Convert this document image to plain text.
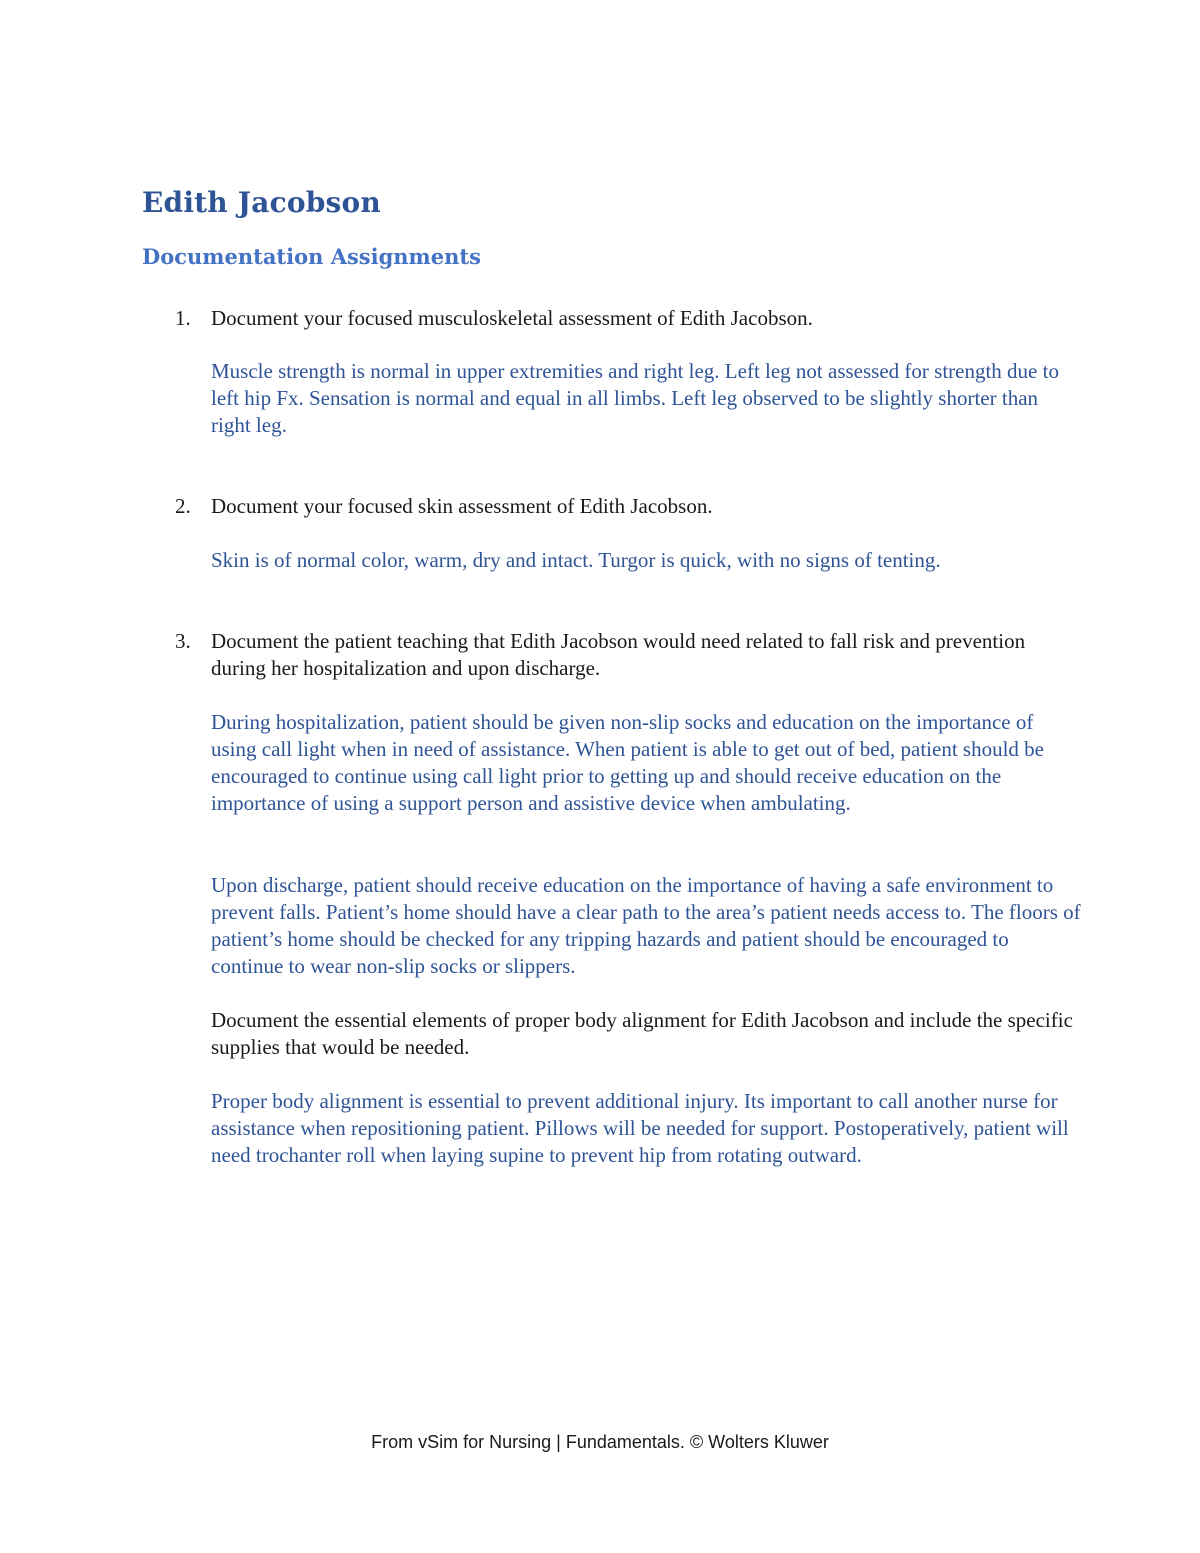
Edith Jacobson
Documentation Assignments
1. Document your focused musculoskeletal assessment of Edith Jacobson.
Muscle strength is normal in upper extremities and right leg. Left leg not assessed for strength due to left hip Fx. Sensation is normal and equal in all limbs. Left leg observed to be slightly shorter than right leg.
2. Document your focused skin assessment of Edith Jacobson.
Skin is of normal color, warm, dry and intact. Turgor is quick, with no signs of tenting.
3. Document the patient teaching that Edith Jacobson would need related to fall risk and prevention during her hospitalization and upon discharge.
During hospitalization, patient should be given non-slip socks and education on the importance of using call light when in need of assistance. When patient is able to get out of bed, patient should be encouraged to continue using call light prior to getting up and should receive education on the importance of using a support person and assistive device when ambulating.
Upon discharge, patient should receive education on the importance of having a safe environment to prevent falls. Patient’s home should have a clear path to the area’s patient needs access to. The floors of patient’s home should be checked for any tripping hazards and patient should be encouraged to continue to wear non-slip socks or slippers.
Document the essential elements of proper body alignment for Edith Jacobson and include the specific supplies that would be needed.
Proper body alignment is essential to prevent additional injury. Its important to call another nurse for assistance when repositioning patient. Pillows will be needed for support. Postoperatively, patient will need trochanter roll when laying supine to prevent hip from rotating outward.
From vSim for Nursing | Fundamentals. © Wolters Kluwer
